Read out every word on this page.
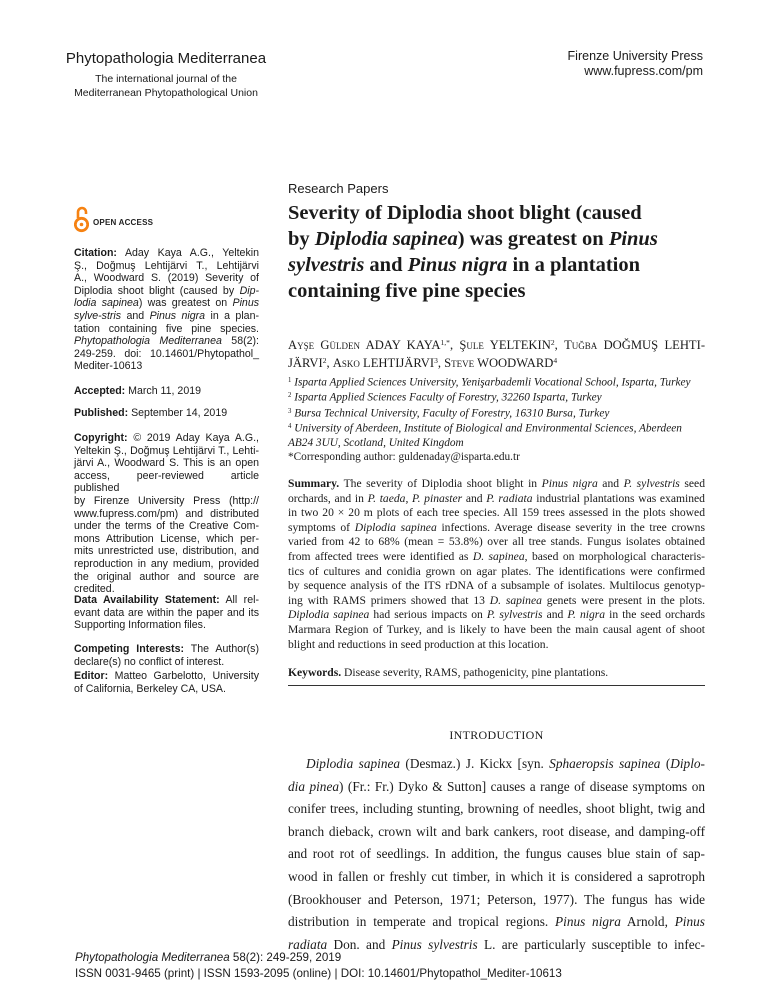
Phytopathologia Mediterranea
The international journal of the
Mediterranean Phytopathological Union
Firenze University Press
www.fupress.com/pm
OPEN ACCESS
Citation: Aday Kaya A.G., Yeltekin
Ş., Doğmuş Lehtijärvi T., Lehtijärvi
A., Woodward S. (2019) Severity of
Diplodia shoot blight (caused by Dip-
lodia sapinea) was greatest on Pinus
sylve-stris and Pinus nigra in a plan-
tation containing five pine species.
Phytopathologia Mediterranea 58(2):
249-259. doi: 10.14601/Phytopathol_
Mediter-10613
Accepted: March 11, 2019
Published: September 14, 2019
Copyright: © 2019 Aday Kaya A.G.,
Yeltekin Ş., Doğmuş Lehtijärvi T., Lehti-
järvi A., Woodward S. This is an open
access, peer-reviewed article published
by Firenze University Press (http://
www.fupress.com/pm) and distributed
under the terms of the Creative Com-
mons Attribution License, which per-
mits unrestricted use, distribution, and
reproduction in any medium, provided
the original author and source are
credited.
Data Availability Statement: All rel-
evant data are within the paper and its
Supporting Information files.
Competing Interests: The Author(s)
declare(s) no conflict of interest.
Editor: Matteo Garbelotto, University
of California, Berkeley CA, USA.
Research Papers
Severity of Diplodia shoot blight (caused
by Diplodia sapinea) was greatest on Pinus
sylvestris and Pinus nigra in a plantation
containing five pine species
Ayşe Gülden ADAY $KAYA^{1,*}$, Şule YELTEKIN$^2$, Tuğba DOĞMUŞ LEHTI-
JÄRVI$^2$, Asko LEHTIJÄRVI$^3$, Steve WOODWARD$^4$
$^1$ Isparta Applied Sciences University, Yenişarbademli Vocational School, Isparta, Turkey
$^2$ Isparta Applied Sciences Faculty of Forestry, 32260 Isparta, Turkey
$^3$ Bursa Technical University, Faculty of Forestry, 16310 Bursa, Turkey
$^4$ University of Aberdeen, Institute of Biological and Environmental Sciences, Aberdeen
AB24 3UU, Scotland, United Kingdom
*Corresponding author: guldenaday@isparta.edu.tr
Summary. The severity of Diplodia shoot blight in Pinus nigra and P. sylvestris seed
orchards, and in P. taeda, P. pinaster and P. radiata industrial plantations was examined
in two 20 × 20 m plots of each tree species. All 159 trees assessed in the plots showed
symptoms of Diplodia sapinea infections. Average disease severity in the tree crowns
varied from 42 to 68% (mean = 53.8%) over all tree stands. Fungus isolates obtained
from affected trees were identified as D. sapinea, based on morphological characteris-
tics of cultures and conidia grown on agar plates. The identifications were confirmed
by sequence analysis of the ITS rDNA of a subsample of isolates. Multilocus genotyp-
ing with RAMS primers showed that 13 D. sapinea genets were present in the plots.
Diplodia sapinea had serious impacts on P. sylvestris and P. nigra in the seed orchards
Marmara Region of Turkey, and is likely to have been the main causal agent of shoot
blight and reductions in seed production at this location.
Keywords. Disease severity, RAMS, pathogenicity, pine plantations.
INTRODUCTION
Diplodia sapinea (Desmaz.) J. Kickx [syn. Sphaeropsis sapinea (Diplo-
dia pinea) (Fr.: Fr.) Dyko & Sutton] causes a range of disease symptoms on
conifer trees, including stunting, browning of needles, shoot blight, twig and
branch dieback, crown wilt and bark cankers, root disease, and damping-off
and root rot of seedlings. In addition, the fungus causes blue stain of sap-
wood in fallen or freshly cut timber, in which it is considered a saprotroph
(Brookhouser and Peterson, 1971; Peterson, 1977). The fungus has wide
distribution in temperate and tropical regions. Pinus nigra Arnold, Pinus
radiata Don. and Pinus sylvestris L. are particularly susceptible to infec-
Phytopathologia Mediterranea 58(2): 249-259, 2019
ISSN 0031-9465 (print) | ISSN 1593-2095 (online) | DOI: 10.14601/Phytopathol_Mediter-10613
